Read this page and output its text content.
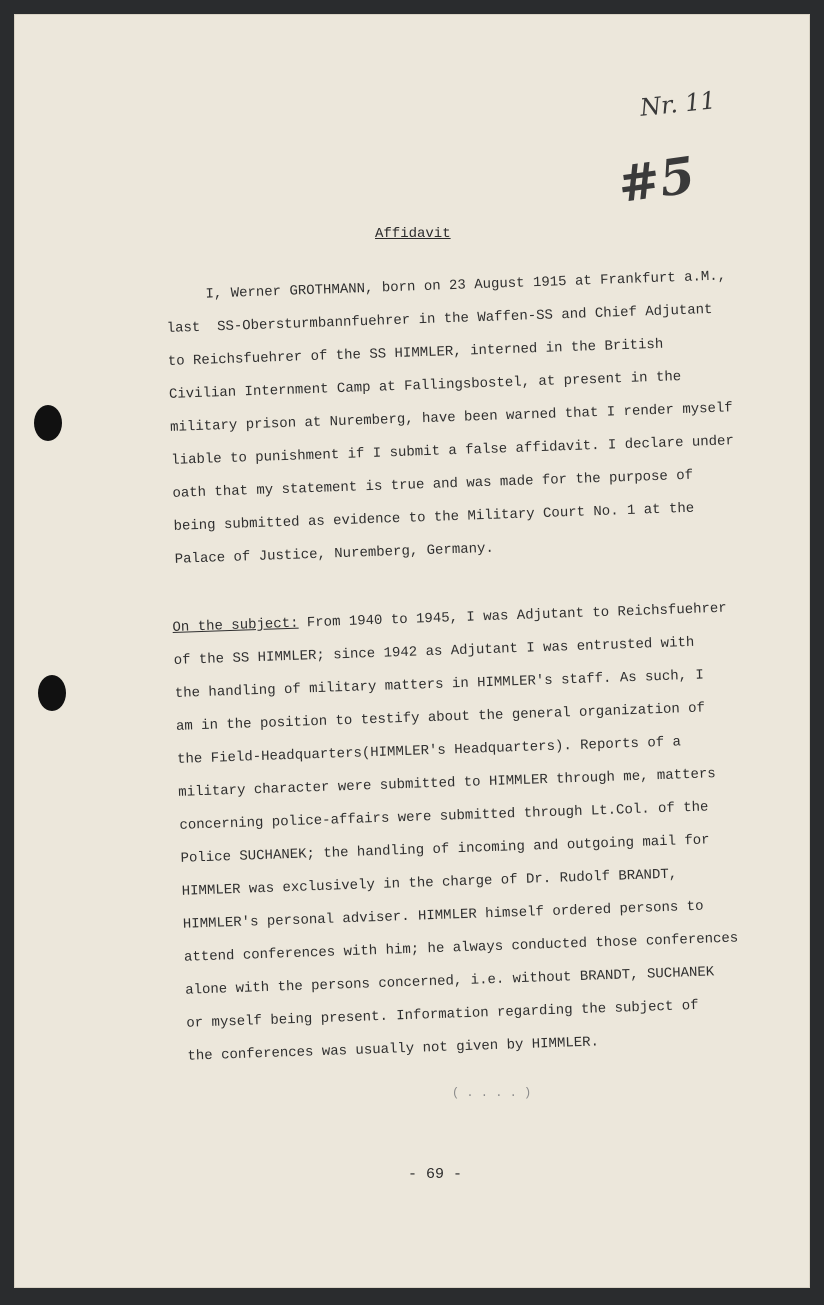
Nr. 11
#5
Affidavit
I, Werner GROTHMANN, born on 23 August 1915 at Frankfurt a.M.,
last  SS-Obersturmbannfuehrer in the Waffen-SS and Chief Adjutant
to Reichsfuehrer of the SS HIMMLER, interned in the British
Civilian Internment Camp at Fallingsbostel, at present in the
military prison at Nuremberg, have been warned that I render myself
liable to punishment if I submit a false affidavit. I declare under
oath that my statement is true and was made for the purpose of
being submitted as evidence to the Military Court No. 1 at the
Palace of Justice, Nuremberg, Germany.
On the subject: From 1940 to 1945, I was Adjutant to Reichsfuehrer
of the SS HIMMLER; since 1942 as Adjutant I was entrusted with
the handling of military matters in HIMMLER's staff. As such, I
am in the position to testify about the general organization of
the Field-Headquarters(HIMMLER's Headquarters). Reports of a
military character were submitted to HIMMLER through me, matters
concerning police-affairs were submitted through Lt.Col. of the
Police SUCHANEK; the handling of incoming and outgoing mail for
HIMMLER was exclusively in the charge of Dr. Rudolf BRANDT,
HIMMLER's personal adviser. HIMMLER himself ordered persons to
attend conferences with him; he always conducted those conferences
alone with the persons concerned, i.e. without BRANDT, SUCHANEK
or myself being present. Information regarding the subject of
the conferences was usually not given by HIMMLER.
( . . . . )
- 69 -
